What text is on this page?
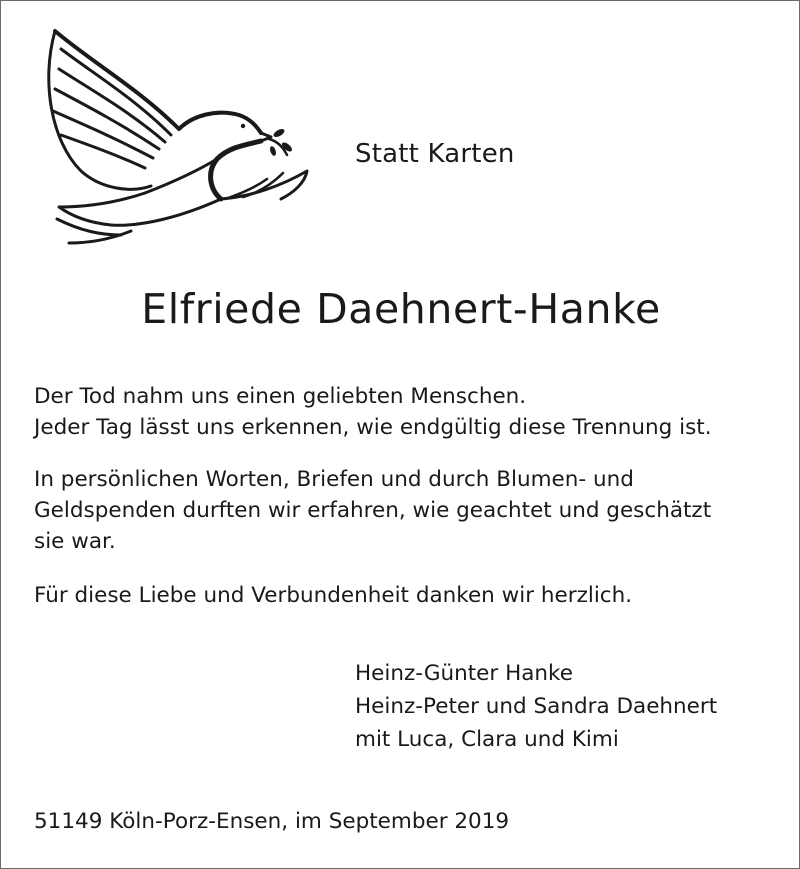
Statt Karten
Elfriede Daehnert-Hanke
Der Tod nahm uns einen geliebten Menschen.
Jeder Tag lässt uns erkennen, wie endgültig diese Trennung ist.
In persönlichen Worten, Briefen und durch Blumen- und
Geldspenden durften wir erfahren, wie geachtet und geschätzt
sie war.
Für diese Liebe und Verbundenheit danken wir herzlich.
Heinz-Günter Hanke
Heinz-Peter und Sandra Daehnert
mit Luca, Clara und Kimi
51149 Köln-Porz-Ensen, im September 2019
